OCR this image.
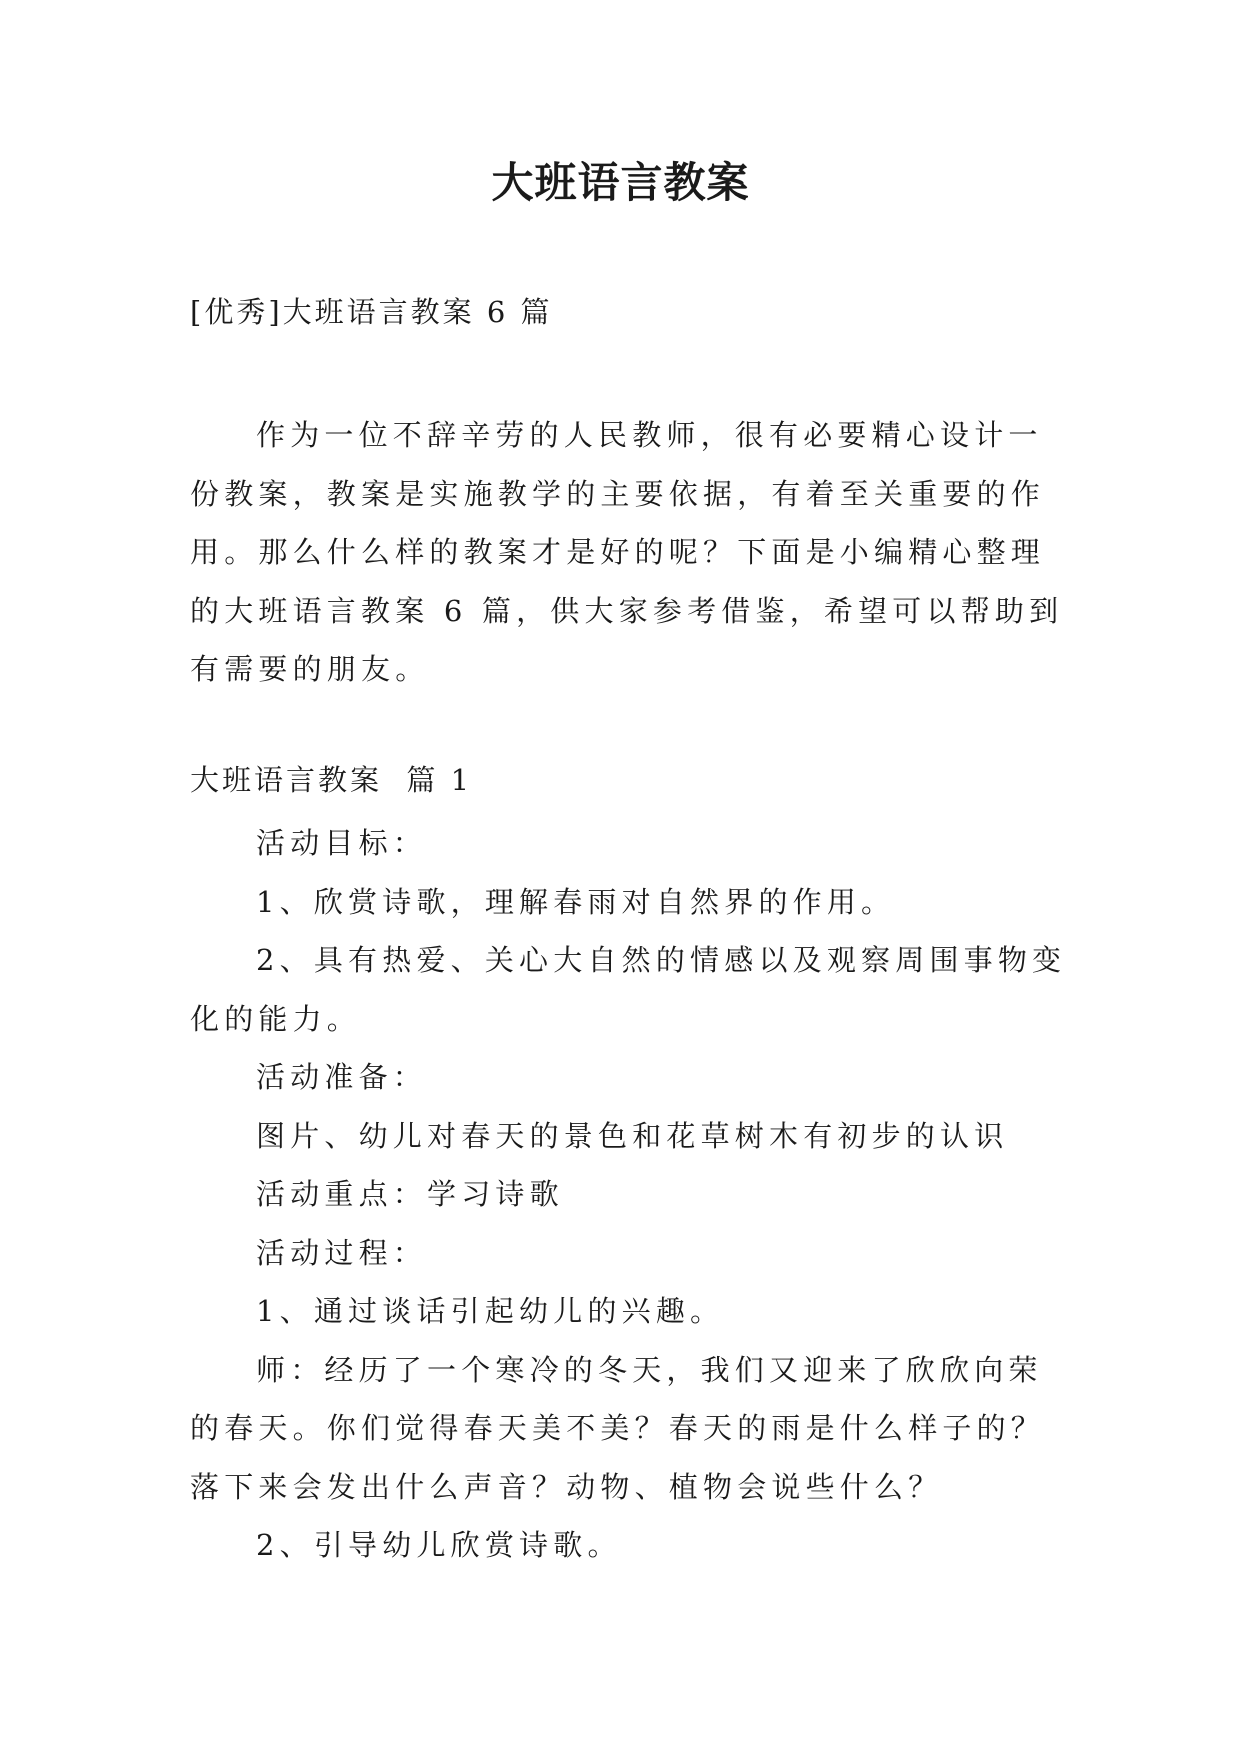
大班语言教案
[优秀]大班语言教案 6 篇

作为一位不辞辛劳的人民教师，很有必要精心设计一份教案，教案是实施教学的主要依据，有着至关重要的作用。那么什么样的教案才是好的呢？下面是小编精心整理的大班语言教案 6 篇，供大家参考借鉴，希望可以帮助到有需要的朋友。

大班语言教案  篇 1

活动目标：

1、欣赏诗歌，理解春雨对自然界的作用。

2、具有热爱、关心大自然的情感以及观察周围事物变化的能力。

活动准备：

图片、幼儿对春天的景色和花草树木有初步的认识

活动重点：学习诗歌

活动过程：

1、通过谈话引起幼儿的兴趣。

师：经历了一个寒冷的冬天，我们又迎来了欣欣向荣的春天。你们觉得春天美不美？春天的雨是什么样子的？落下来会发出什么声音？动物、植物会说些什么？

2、引导幼儿欣赏诗歌。
